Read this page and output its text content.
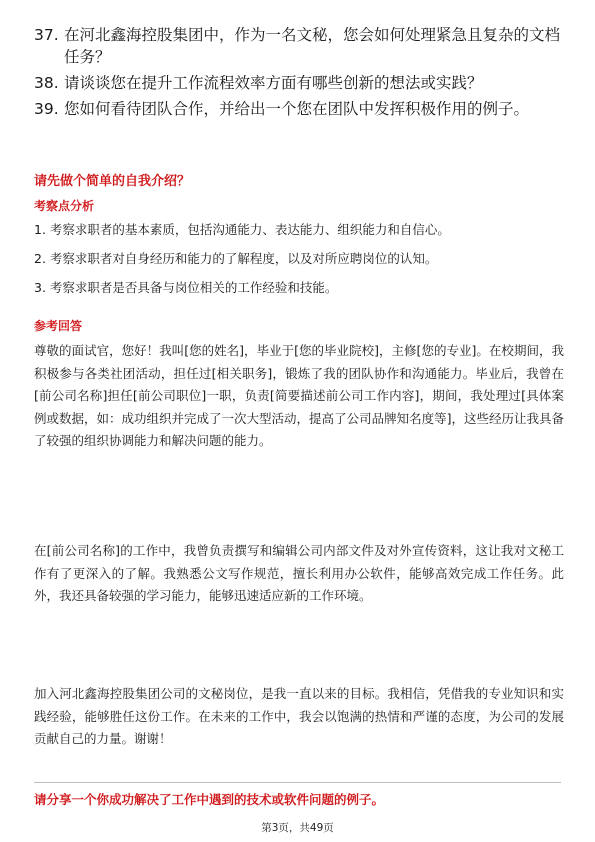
37. 在河北鑫海控股集团中，作为一名文秘，您会如何处理紧急且复杂的文档任务？
38. 请谈谈您在提升工作流程效率方面有哪些创新的想法或实践？
39. 您如何看待团队合作，并给出一个您在团队中发挥积极作用的例子。
请先做个简单的自我介绍？
考察点分析
1. 考察求职者的基本素质，包括沟通能力、表达能力、组织能力和自信心。
2. 考察求职者对自身经历和能力的了解程度，以及对所应聘岗位的认知。
3. 考察求职者是否具备与岗位相关的工作经验和技能。
参考回答
尊敬的面试官，您好！我叫[您的姓名]，毕业于[您的毕业院校]，主修[您的专业]。在校期间，我积极参与各类社团活动，担任过[相关职务]，锻炼了我的团队协作和沟通能力。毕业后，我曾在[前公司名称]担任[前公司职位]一职，负责[简要描述前公司工作内容]，期间，我处理过[具体案例或数据，如：成功组织并完成了一次大型活动，提高了公司品牌知名度等]，这些经历让我具备了较强的组织协调能力和解决问题的能力。
在[前公司名称]的工作中，我曾负责撰写和编辑公司内部文件及对外宣传资料，这让我对文秘工作有了更深入的了解。我熟悉公文写作规范，擅长利用办公软件，能够高效完成工作任务。此外，我还具备较强的学习能力，能够迅速适应新的工作环境。
加入河北鑫海控股集团公司的文秘岗位，是我一直以来的目标。我相信，凭借我的专业知识和实践经验，能够胜任这份工作。在未来的工作中，我会以饱满的热情和严谨的态度，为公司的发展贡献自己的力量。谢谢！
请分享一个你成功解决了工作中遇到的技术或软件问题的例子。
第3页，共49页
